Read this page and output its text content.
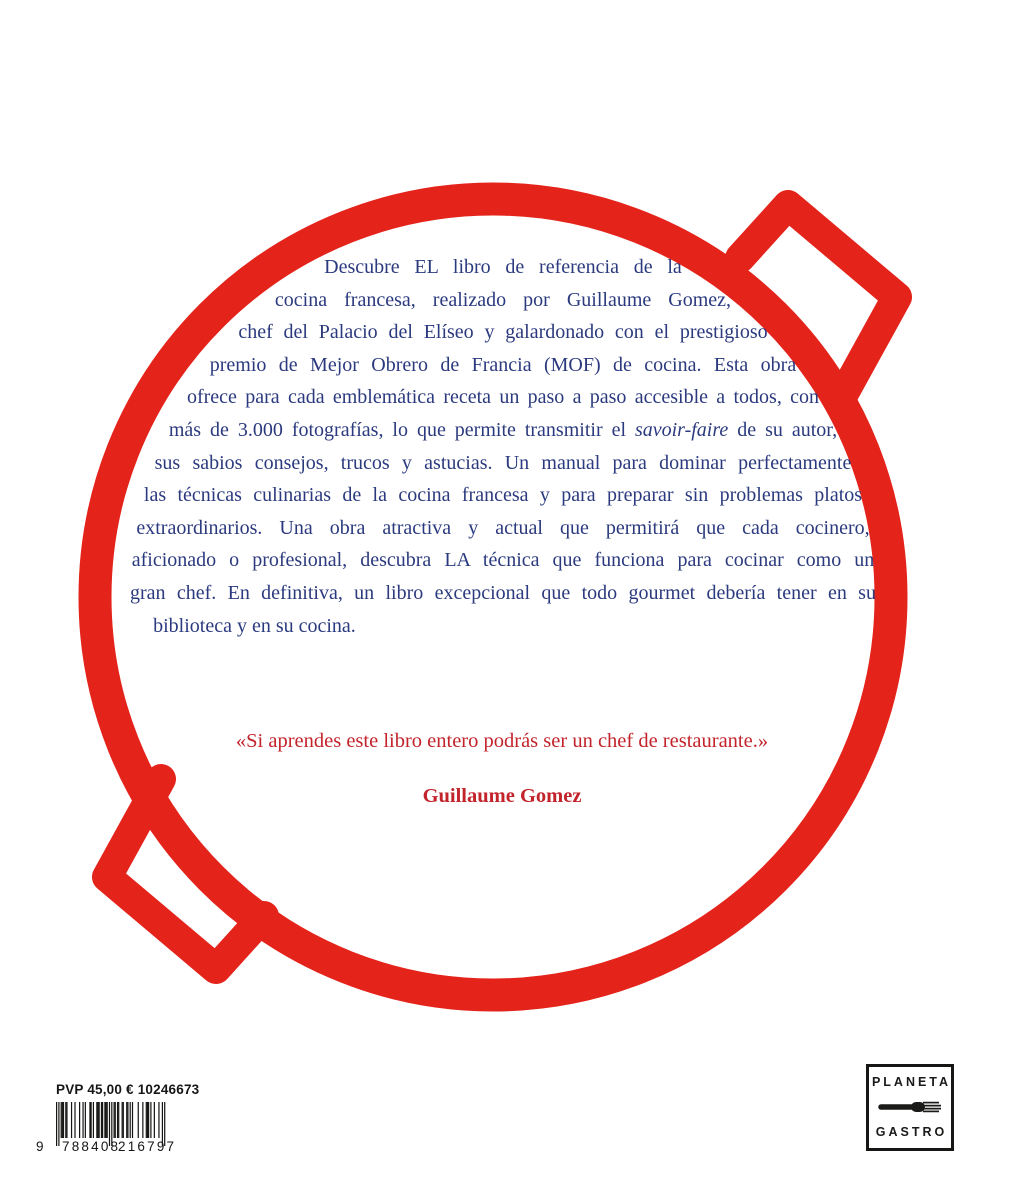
Descubre EL libro de referencia de la
cocina francesa, realizado por Guillaume Gomez,
chef del Palacio del Elíseo y galardonado con el prestigioso
premio de Mejor Obrero de Francia (MOF) de cocina. Esta obra
ofrece para cada emblemática receta un paso a paso accesible a todos, con
más de 3.000 fotografías, lo que permite transmitir el savoir-faire de su autor,
sus sabios consejos, trucos y astucias. Un manual para dominar perfectamente
las técnicas culinarias de la cocina francesa y para preparar sin problemas platos
extraordinarios. Una obra atractiva y actual que permitirá que cada cocinero,
aficionado o profesional, descubra LA técnica que funciona para cocinar como un
gran chef. En definitiva, un libro excepcional que todo gourmet debería tener en su
biblioteca y en su cocina.
«Si aprendes este libro entero podrás ser un chef de restaurante.»
Guillaume Gomez
PVP 45,00 € 10246673
9 788408
216797
PLANETA
GASTRO
